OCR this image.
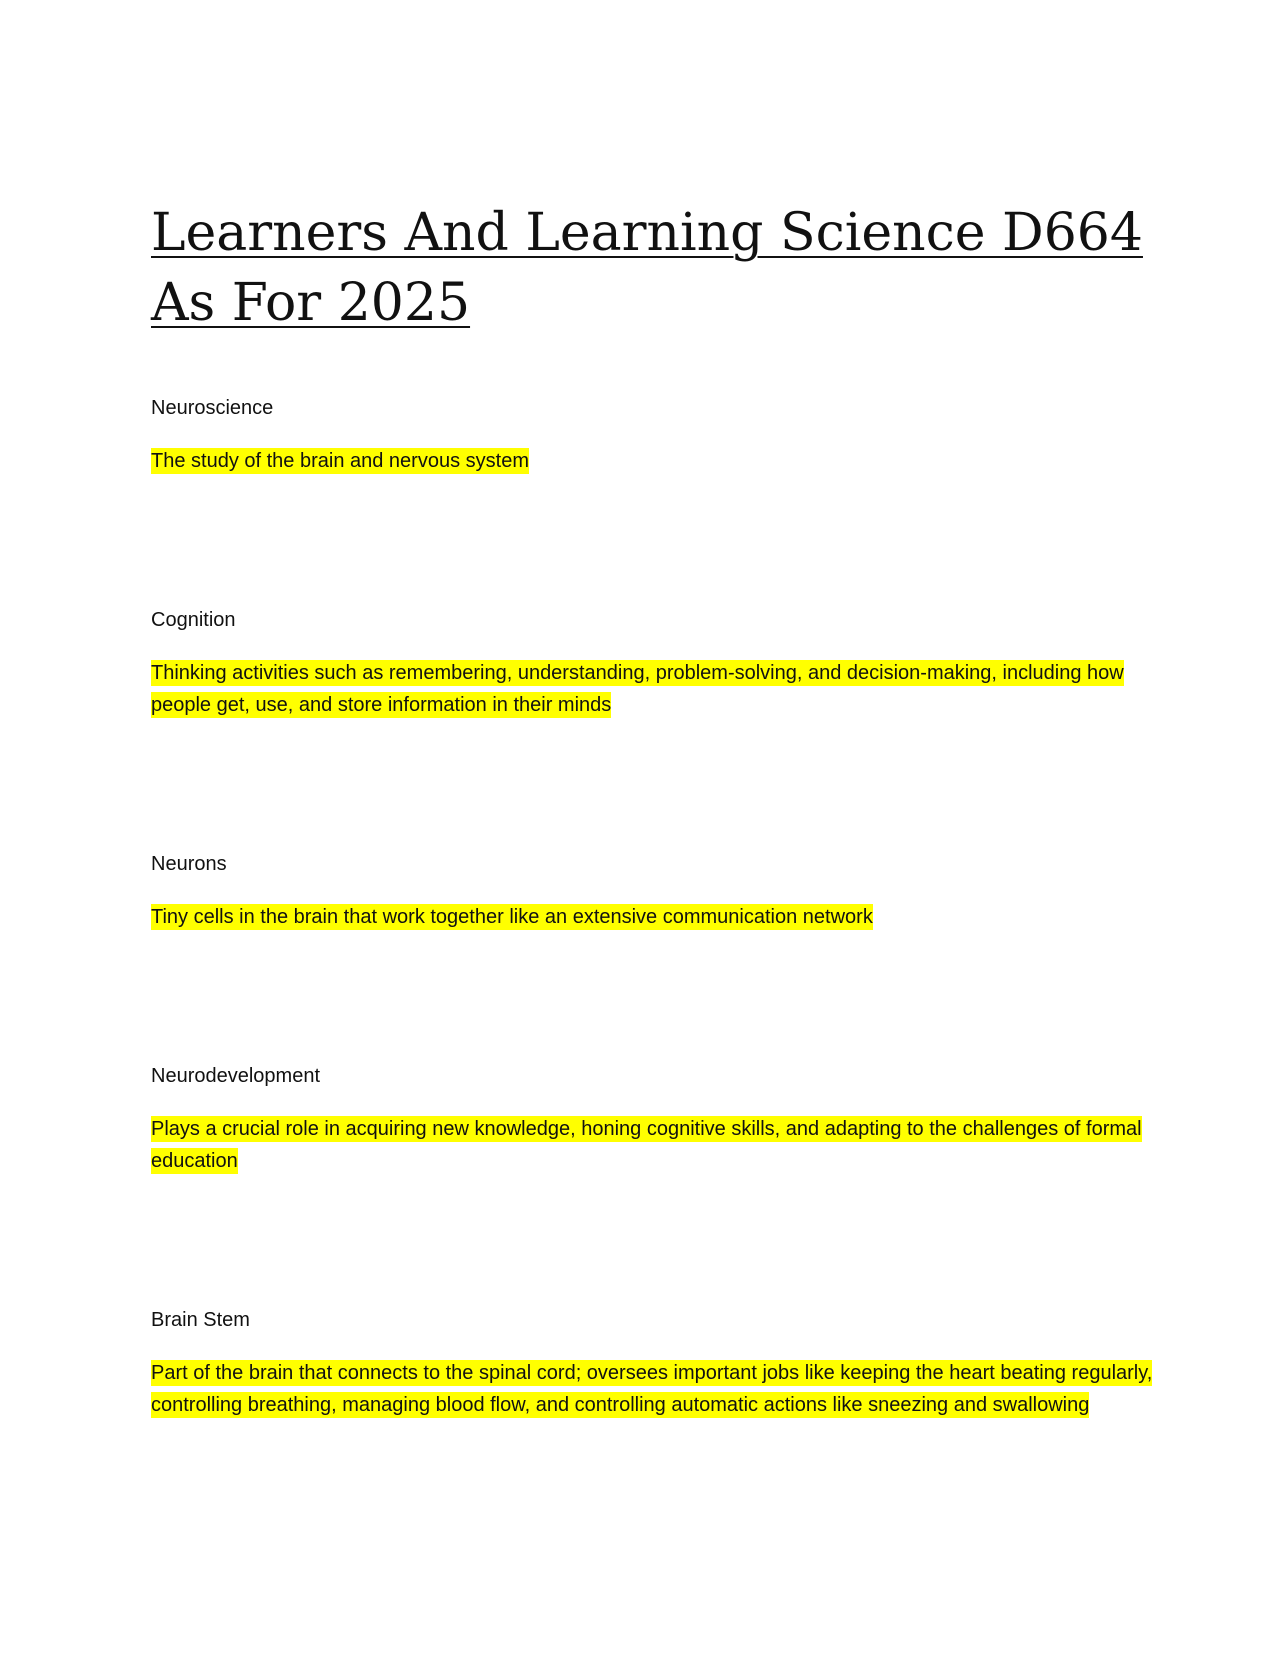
Learners And Learning Science D664 As For 2025

Neuroscience

The study of the brain and nervous system

Cognition

Thinking activities such as remembering, understanding, problem-solving, and decision-making, including how people get, use, and store information in their minds

Neurons

Tiny cells in the brain that work together like an extensive communication network

Neurodevelopment

Plays a crucial role in acquiring new knowledge, honing cognitive skills, and adapting to the challenges of formal education

Brain Stem

Part of the brain that connects to the spinal cord; oversees important jobs like keeping the heart beating regularly, controlling breathing, managing blood flow, and controlling automatic actions like sneezing and swallowing
